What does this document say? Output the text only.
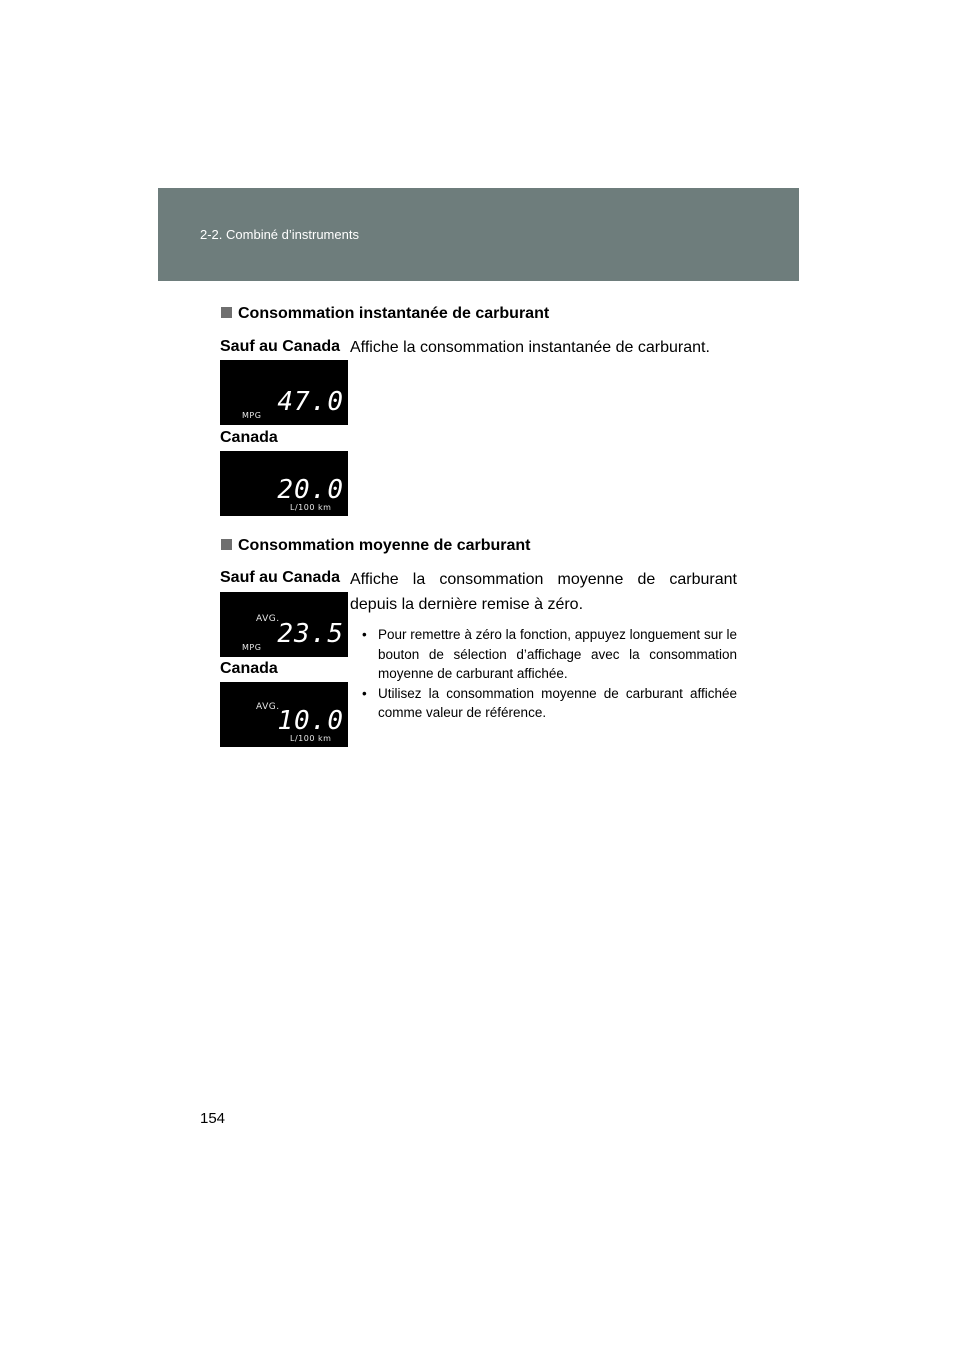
2-2. Combiné d’instruments
Consommation instantanée de carburant
Sauf au Canada Affiche la consommation instantanée de carburant.
MPG 47.0
Canada
L/100 km
20.0
Consommation moyenne de carburant
Sauf au Canada Affiche la consommation moyenne de carburant depuis la dernière remise à zéro.
AVG.
MPG 23.5
Canada
AVG.
L/100 km
10.0
• Pour remettre à zéro la fonction, appuyez longuement sur le bouton de sélection d’affichage avec la consommation moyenne de carburant affichée.
• Utilisez la consommation moyenne de carburant affichée comme valeur de référence.
154
